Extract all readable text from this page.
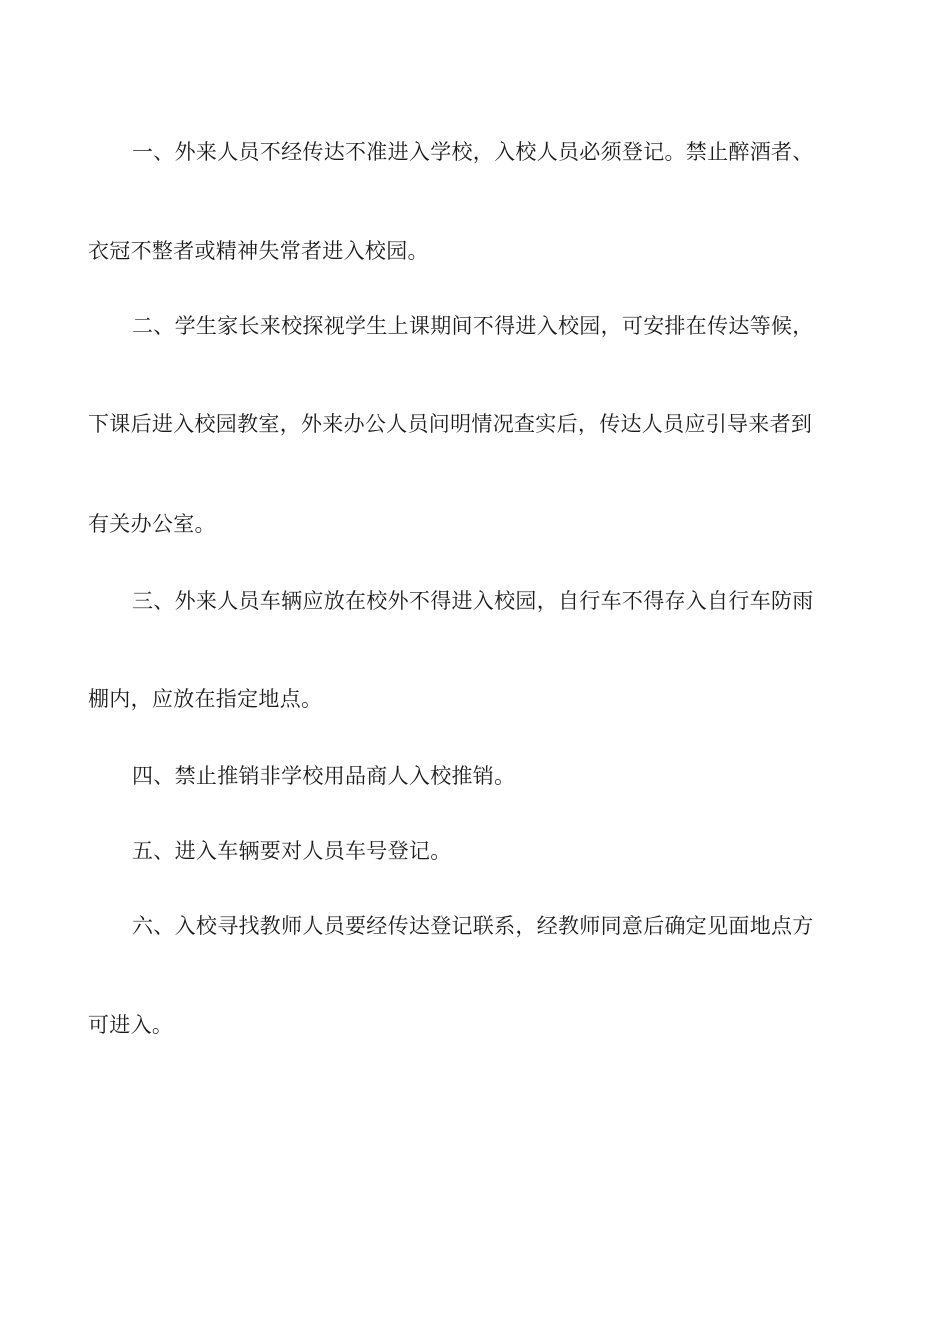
一、外来人员不经传达不准进入学校，入校人员必须登记。禁止醉酒者、
衣冠不整者或精神失常者进入校园。
二、学生家长来校探视学生上课期间不得进入校园，可安排在传达等候，
下课后进入校园教室，外来办公人员问明情况查实后，传达人员应引导来者到
有关办公室。
三、外来人员车辆应放在校外不得进入校园，自行车不得存入自行车防雨
棚内，应放在指定地点。
四、禁止推销非学校用品商人入校推销。
五、进入车辆要对人员车号登记。
六、入校寻找教师人员要经传达登记联系，经教师同意后确定见面地点方
可进入。
